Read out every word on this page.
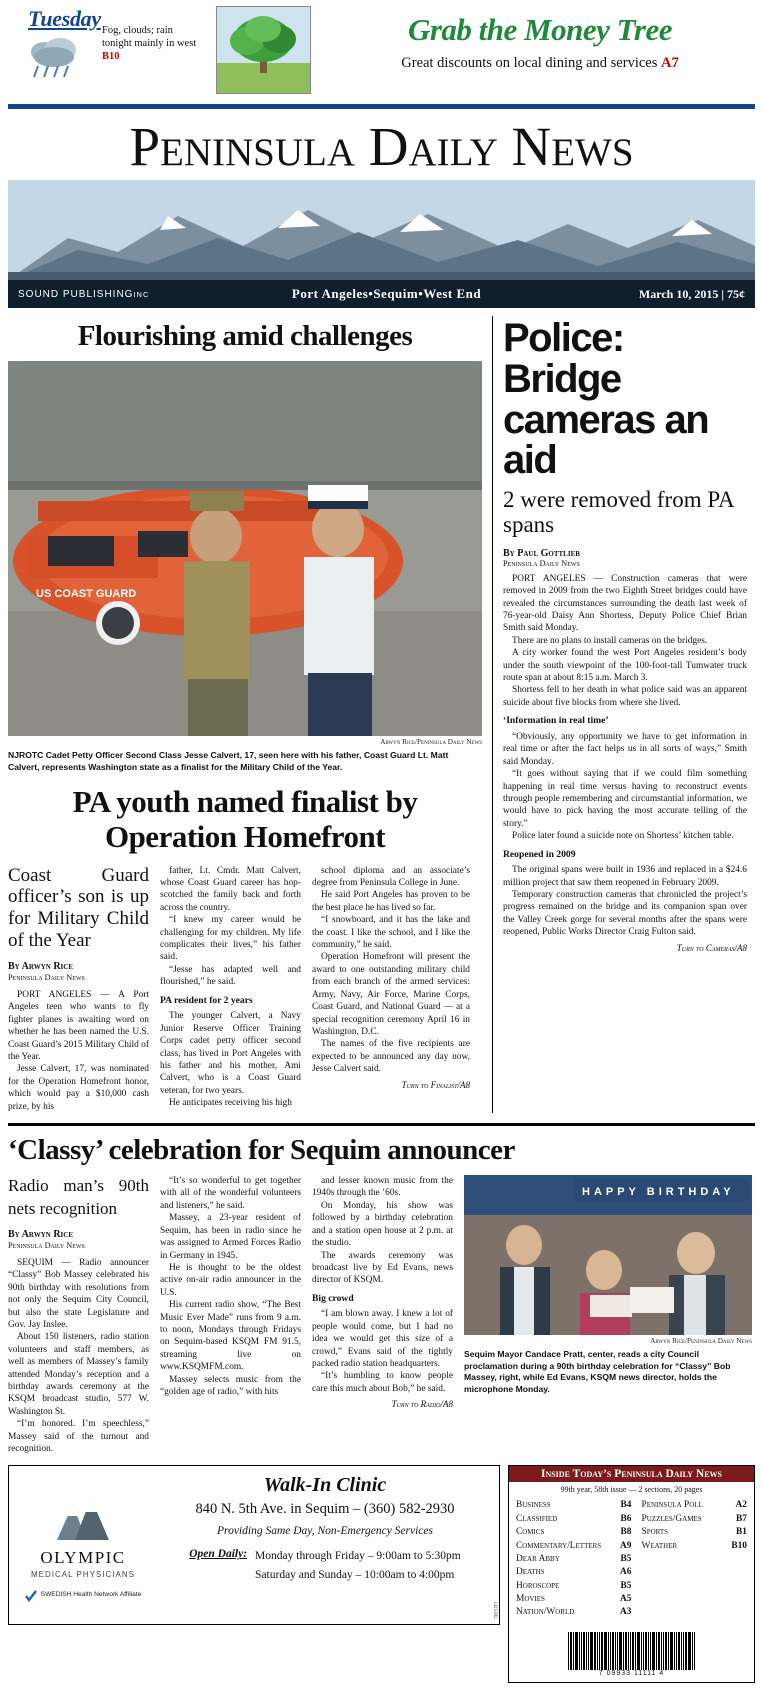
Tuesday Fog, clouds; rain tonight mainly in west B10
Grab the Money Tree
Great discounts on local dining and services A7
Peninsula Daily News
SOUND PUBLISHINGINC	Port Angeles•Sequim•West End	March 10, 2015 | 75¢
Flourishing amid challenges
US COAST GUARD
Arwyn Rice/Peninsula Daily News
NJROTC Cadet Petty Officer Second Class Jesse Calvert, 17, seen here with his father, Coast Guard Lt. Matt Calvert, represents Washington state as a finalist for the Military Child of the Year.
PA youth named finalist by Operation Homefront
Coast Guard officer’s son is up for Military Child of the Year
By Arwyn Rice
Peninsula Daily News

PORT ANGELES — A Port Angeles teen who wants to fly fighter planes is awaiting word on whether he has been named the U.S. Coast Guard’s 2015 Military Child of the Year.

Jesse Calvert, 17, was nominated for the Operation Homefront honor, which would pay a $10,000 cash prize, by his

father, Lt. Cmdr. Matt Calvert, whose Coast Guard career has hop-scotched the family back and forth across the country.

“I knew my career would be challenging for my children. My life complicates their lives,” his father said.

“Jesse has adapted well and flourished,” he said.

PA resident for 2 years

The younger Calvert, a Navy Junior Reserve Officer Training Corps cadet petty officer second class, has lived in Port Angeles with his father and his mother, Ami Calvert, who is a Coast Guard veteran, for two years.

He anticipates receiving his high

school diploma and an associate’s degree from Peninsula College in June.

He said Port Angeles has proven to be the best place he has lived so far.

“I snowboard, and it has the lake and the coast. I like the school, and I like the community,” he said.

Operation Homefront will present the award to one outstanding military child from each branch of the armed services: Army, Navy, Air Force, Marine Corps, Coast Guard, and National Guard — at a special recognition ceremony April 16 in Washington, D.C.

The names of the five recipients are expected to be announced any day now, Jesse Calvert said.

Turn to Finalist/A8
Police: Bridge cameras an aid
2 were removed from PA spans
By Paul Gottlieb
Peninsula Daily News

PORT ANGELES — Construction cameras that were removed in 2009 from the two Eighth Street bridges could have revealed the circumstances surrounding the death last week of 76-year-old Daisy Ann Shortess, Deputy Police Chief Brian Smith said Monday.

There are no plans to install cameras on the bridges.

A city worker found the west Port Angeles resident’s body under the south viewpoint of the 100-foot-tall Tumwater truck route span at about 8:15 a.m. March 3.

Shortess fell to her death in what police said was an apparent suicide about five blocks from where she lived.

‘Information in real time’

“Obviously, any opportunity we have to get information in real time or after the fact helps us in all sorts of ways,” Smith said Monday.

“It goes without saying that if we could film something happening in real time versus having to reconstruct events through people remembering and circumstantial information, we would have to pick having the most accurate telling of the story.”

Police later found a suicide note on Shortess’ kitchen table.

Reopened in 2009

The original spans were built in 1936 and replaced in a $24.6 million project that saw them reopened in February 2009.

Temporary construction cameras that chronicled the project’s progress remained on the bridge and its companion span over the Valley Creek gorge for several months after the spans were reopened, Public Works Director Craig Fulton said.

Turn to Cameras/A8
‘Classy’ celebration for Sequim announcer
Radio man’s 90th nets recognition
By Arwyn Rice
Peninsula Daily News

SEQUIM — Radio announcer “Classy” Bob Massey celebrated his 90th birthday with resolutions from not only the Sequim City Council, but also the state Legislature and Gov. Jay Inslee.

About 150 listeners, radio station volunteers and staff members, as well as members of Massey’s family attended Monday’s reception and a birthday awards ceremony at the KSQM broadcast studio, 577 W. Washington St.

“I’m honored. I’m speechless,” Massey said of the turnout and recognition.

“It’s so wonderful to get together with all of the wonderful volunteers and listeners,” he said.

Massey, a 23-year resident of Sequim, has been in radio since he was assigned to Armed Forces Radio in Germany in 1945.

He is thought to be the oldest active on-air radio announcer in the U.S.

His current radio show, “The Best Music Ever Made” runs from 9 a.m. to noon, Mondays through Fridays on Sequim-based KSQM FM 91.5, streaming live on www.KSQMFM.com.

Massey selects music from the “golden age of radio,” with hits

and lesser known music from the 1940s through the ’60s.

On Monday, his show was followed by a birthday celebration and a station open house at 2 p.m. at the studio.

The awards ceremony was broadcast live by Ed Evans, news director of KSQM.

Big crowd

“I am blown away. I knew a lot of people would come, but I had no idea we would get this size of a crowd,” Evans said of the tightly packed radio station headquarters.

“It’s humbling to know people care this much about Bob,” he said.

Turn to Radio/A8
HAPPY BIRTHDAY
Arwyn Rice/Peninsula Daily News
Sequim Mayor Candace Pratt, center, reads a city Council proclamation during a 90th birthday celebration for “Classy” Bob Massey, right, while Ed Evans, KSQM news director, holds the microphone Monday.
OLYMPIC
MEDICAL PHYSICIANS
SWEDISH Health Network Affiliate
Walk-In Clinic
840 N. 5th Ave. in Sequim – (360) 582-2930
Providing Same Day, Non-Emergency Services
Open Daily: Monday through Friday – 9:00am to 5:30pm
Saturday and Sunday – 10:00am to 4:00pm
1425382
Inside Today’s Peninsula Daily News
99th year, 58th issue — 2 sections, 20 pages
Business	B4
Classified	B6
Comics	B8
Commentary/Letters A9
Dear Abby	B5
Deaths	A6
Horoscope	B5
Movies	A5
Nation/World	A3
Peninsula Poll	A2
Puzzles/Games	B7
Sports	B1
Weather	B10
7 09933 11111 4
